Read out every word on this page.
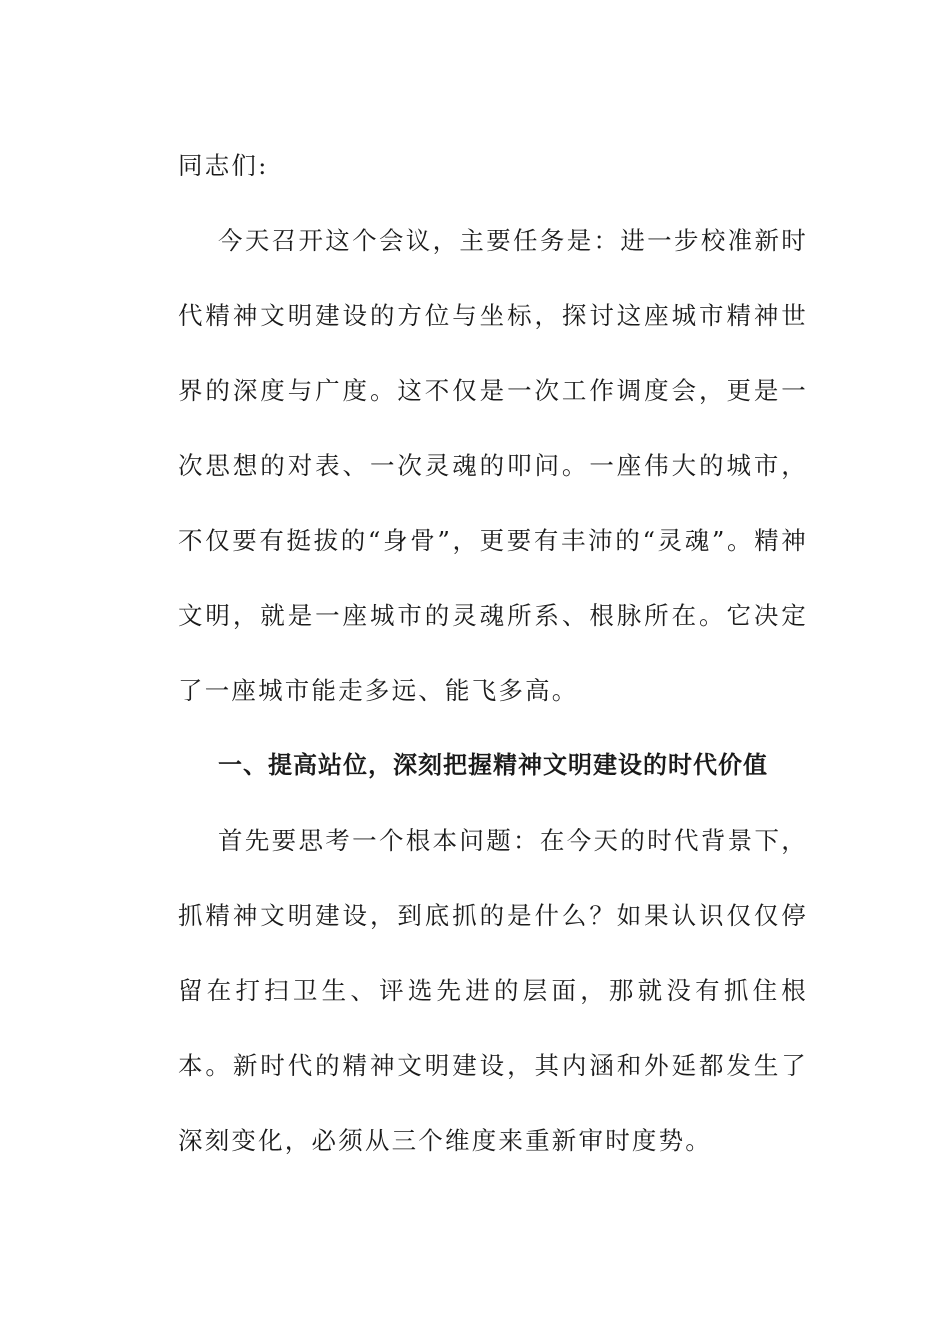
同志们:

今天召开这个会议，主要任务是：进一步校准新时代精神文明建设的方位与坐标，探讨这座城市精神世界的深度与广度。这不仅是一次工作调度会，更是一次思想的对表、一次灵魂的叩问。一座伟大的城市，不仅要有挺拔的“身骨”，更要有丰沛的“灵魂”。精神文明，就是一座城市的灵魂所系、根脉所在。它决定了一座城市能走多远、能飞多高。

一、提高站位，深刻把握精神文明建设的时代价值

首先要思考一个根本问题：在今天的时代背景下，抓精神文明建设，到底抓的是什么？如果认识仅仅停留在打扫卫生、评选先进的层面，那就没有抓住根本。新时代的精神文明建设，其内涵和外延都发生了深刻变化，必须从三个维度来重新审时度势。
